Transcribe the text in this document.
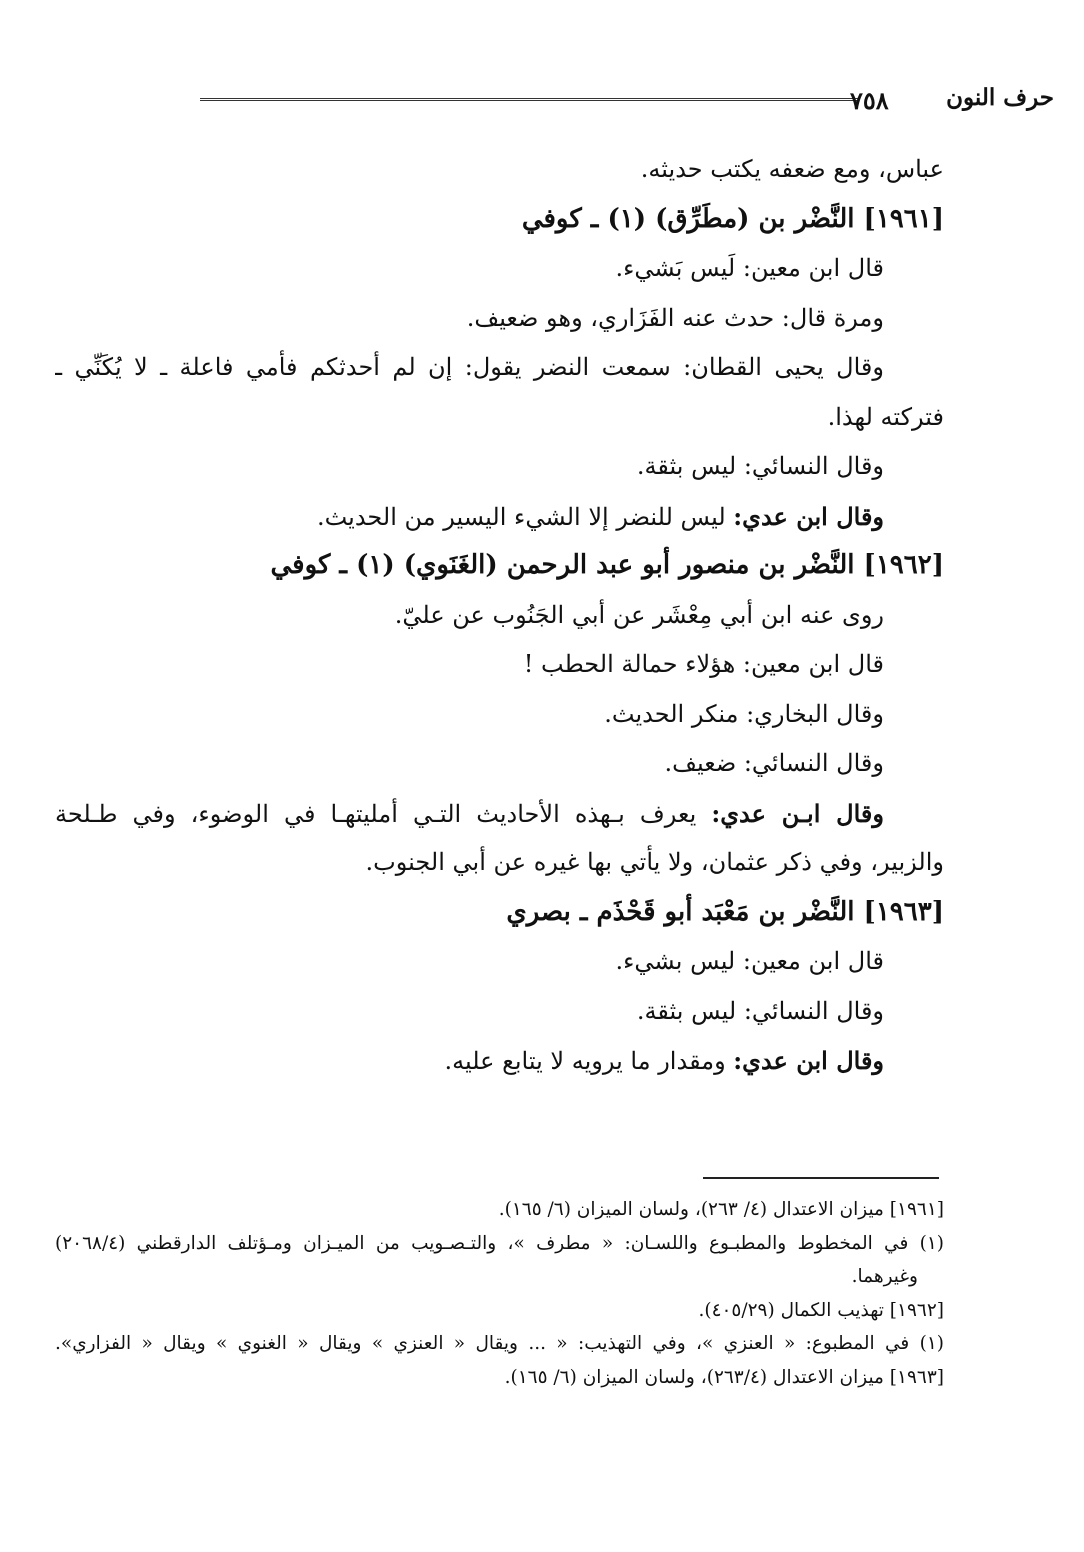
حرف النون
٧٥٨
عباس، ومع ضعفه يكتب حديثه.
[١٩٦١] النَّضْر بن (مطَرِّق) (١) ـ كوفي
قال ابن معين: لَيس بَشيء.
ومرة قال: حدث عنه الفَزَاري، وهو ضعيف.
وقال يحيى القطان: سمعت النضر يقول: إن لم أحدثكم فأمي فاعلة ـ لا يُكَنِّي ـ
فتركته لهذا.
وقال النسائي: ليس بثقة.
وقال ابن عدي: ليس للنضر إلا الشيء اليسير من الحديث.
[١٩٦٢] النَّضْر بن منصور أبو عبد الرحمن (الغَنَوي) (١) ـ كوفي
روى عنه ابن أبي مِعْشَر عن أبي الجَنُوب عن عليّ.
قال ابن معين: هؤلاء حمالة الحطب !
وقال البخاري: منكر الحديث.
وقال النسائي: ضعيف.
وقال ابـن عدي: يعرف بـهذه الأحاديث التـي أمليتهـا في الوضوء، وفي طـلحة
والزبير، وفي ذكر عثمان، ولا يأتي بها غيره عن أبي الجنوب.
[١٩٦٣] النَّضْر بن مَعْبَد أبو قَحْذَم ـ بصري
قال ابن معين: ليس بشيء.
وقال النسائي: ليس بثقة.
وقال ابن عدي: ومقدار ما يرويه لا يتابع عليه.
[١٩٦١] ميزان الاعتدال (٤/ ٢٦٣)، ولسان الميزان (٦/ ١٦٥).
(١) في المخطوط والمطبـوع واللسـان: « مطرف »، والتـصـويب من الميـزان ومـؤتلف الدارقطني (٢٠٦٨/٤)
وغيرهما.
[١٩٦٢] تهذيب الكمال (٤٠٥/٢٩).
(١) في المطبوع: « العنزي »، وفي التهذيب: « ... ويقال « العنزي » ويقال « الغنوي » ويقال « الفزاري».
[١٩٦٣] ميزان الاعتدال (٢٦٣/٤)، ولسان الميزان (٦/ ١٦٥).
